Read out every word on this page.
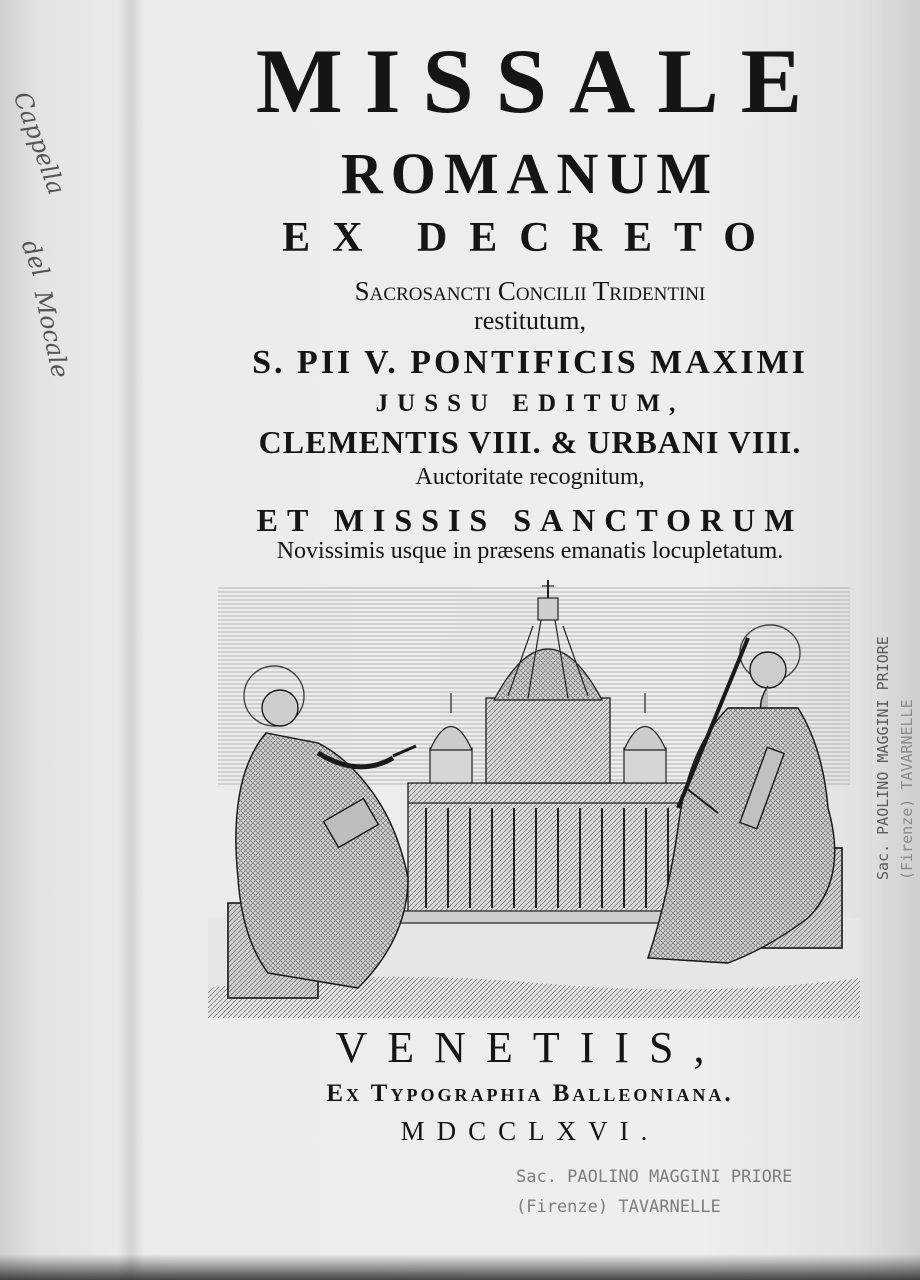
Cappella
del
Mocale
MISSALE
ROMANUM
EX DECRETO
Sacrosancti Concilii Tridentini
restitutum,
S. PII V. PONTIFICIS MAXIMI
JUSSU EDITUM,
CLEMENTIS VIII. & URBANI VIII.
Auctoritate recognitum,
ET MISSIS SANCTORUM
Novissimis usque in præsens emanatis locupletatum.
VENETIIS,
Ex Typographia Balleoniana.
MDCCLXVI.
Sac. PAOLINO MAGGINI PRIORE
(Firenze) TAVARNELLE
Sac. PAOLINO MAGGINI PRIORE (Firenze) TAVARNELLE
